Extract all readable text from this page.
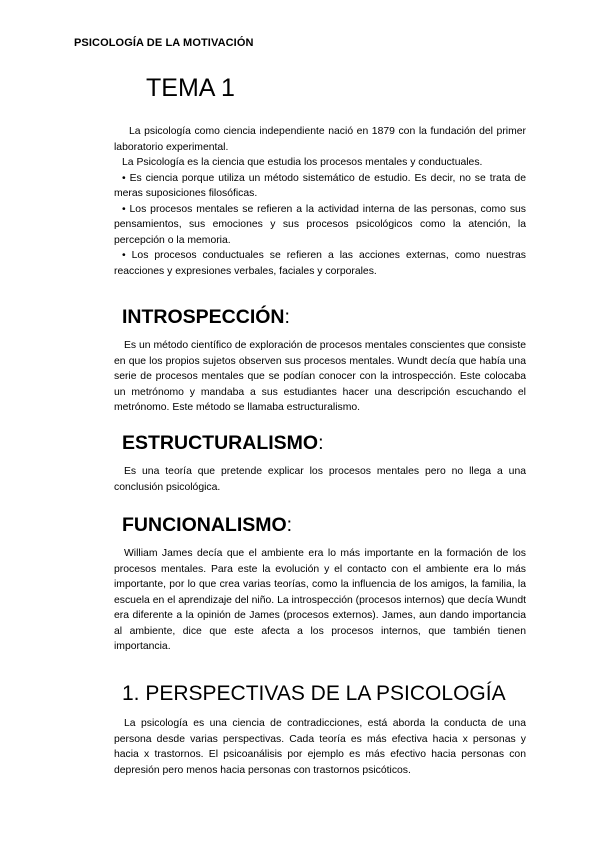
PSICOLOGÍA DE LA MOTIVACIÓN
TEMA 1

La psicología como ciencia independiente nació en 1879 con la fundación del primer laboratorio experimental.

La Psicología es la ciencia que estudia los procesos mentales y conductuales.

• Es ciencia porque utiliza un método sistemático de estudio. Es decir, no se trata de meras suposiciones filosóficas.

• Los procesos mentales se refieren a la actividad interna de las personas, como sus pensamientos, sus emociones y sus procesos psicológicos como la atención, la percepción o la memoria.

• Los procesos conductuales se refieren a las acciones externas, como nuestras reacciones y expresiones verbales, faciales y corporales.

INTROSPECCIÓN:

Es un método científico de exploración de procesos mentales conscientes que consiste en que los propios sujetos observen sus procesos mentales. Wundt decía que había una serie de procesos mentales que se podían conocer con la introspección. Este colocaba un metrónomo y mandaba a sus estudiantes hacer una descripción escuchando el metrónomo. Este método se llamaba estructuralismo.

ESTRUCTURALISMO:

Es una teoría que pretende explicar los procesos mentales pero no llega a una conclusión psicológica.

FUNCIONALISMO:

William James decía que el ambiente era lo más importante en la formación de los procesos mentales. Para este la evolución y el contacto con el ambiente era lo más importante, por lo que crea varias teorías, como la influencia de los amigos, la familia, la escuela en el aprendizaje del niño. La introspección (procesos internos) que decía Wundt era diferente a la opinión de James (procesos externos). James, aun dando importancia al ambiente, dice que este afecta a los procesos internos, que también tienen importancia.

1. PERSPECTIVAS DE LA PSICOLOGÍA

La psicología es una ciencia de contradicciones, está aborda la conducta de una persona desde varias perspectivas. Cada teoría es más efectiva hacia x personas y hacia x trastornos. El psicoanálisis por ejemplo es más efectivo hacia personas con depresión pero menos hacia personas con trastornos psicóticos.
